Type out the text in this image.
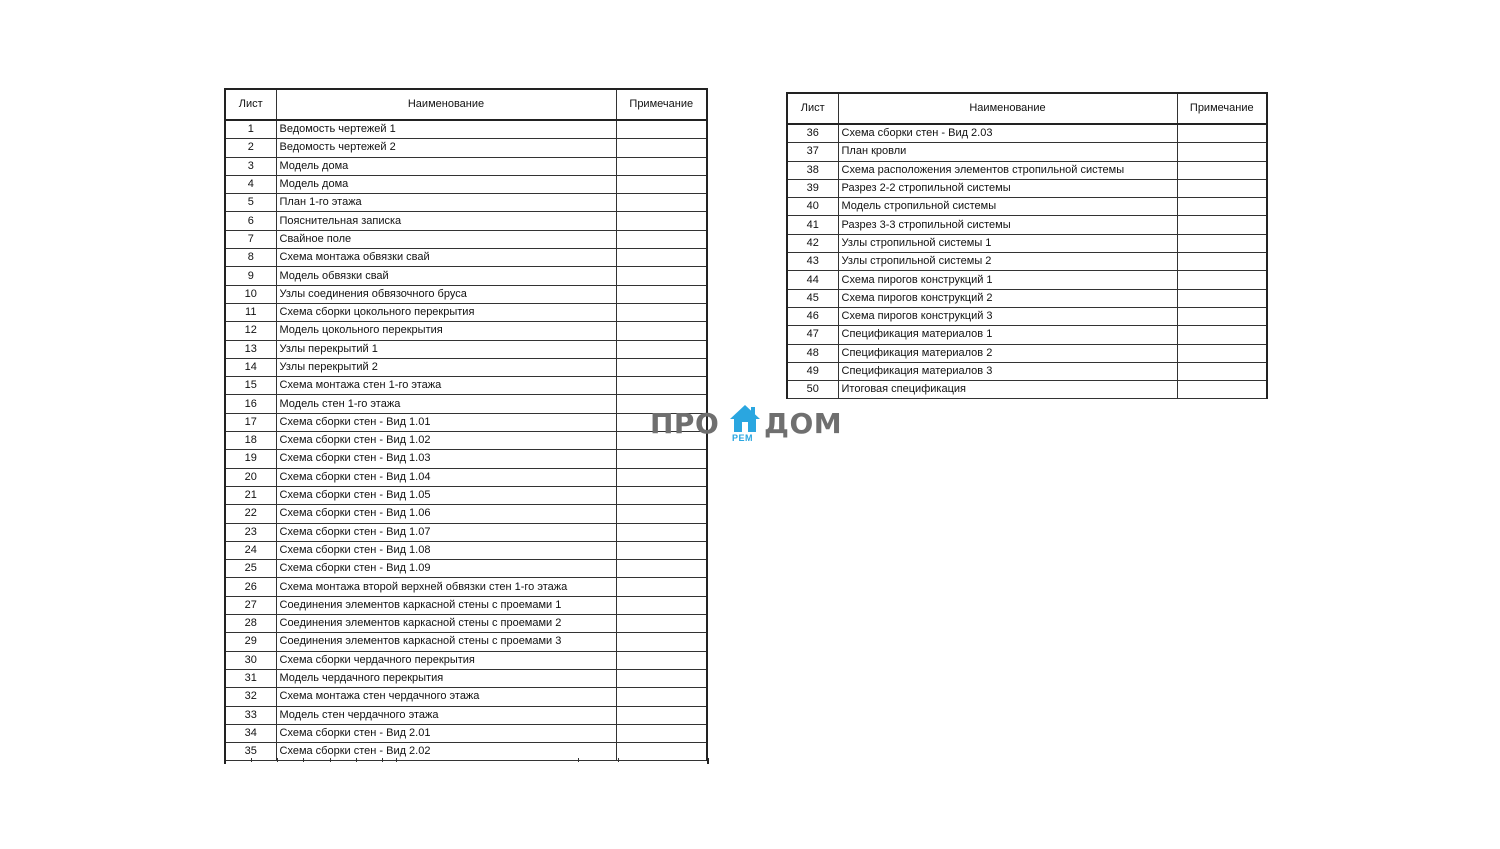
Лист	Наименование	Примечание
1	Ведомость чертежей 1	
2	Ведомость чертежей 2	
3	Модель дома	
4	Модель дома	
5	План 1-го этажа	
6	Пояснительная записка	
7	Свайное поле	
8	Схема монтажа обвязки свай	
9	Модель обвязки свай	
10	Узлы соединения обвязочного бруса	
11	Схема сборки цокольного перекрытия	
12	Модель цокольного перекрытия	
13	Узлы перекрытий 1	
14	Узлы перекрытий 2	
15	Схема монтажа стен 1-го этажа	
16	Модель стен 1-го этажа	
17	Схема сборки стен - Вид 1.01	
18	Схема сборки стен - Вид 1.02	
19	Схема сборки стен - Вид 1.03	
20	Схема сборки стен - Вид 1.04	
21	Схема сборки стен - Вид 1.05	
22	Схема сборки стен - Вид 1.06	
23	Схема сборки стен - Вид 1.07	
24	Схема сборки стен - Вид 1.08	
25	Схема сборки стен - Вид 1.09	
26	Схема монтажа второй верхней обвязки стен 1-го этажа	
27	Соединения элементов каркасной стены с проемами 1	
28	Соединения элементов каркасной стены с проемами 2	
29	Соединения элементов каркасной стены с проемами 3	
30	Схема сборки чердачного перекрытия	
31	Модель чердачного перекрытия	
32	Схема монтажа стен чердачного этажа	
33	Модель стен чердачного этажа	
34	Схема сборки стен - Вид 2.01	
35	Схема сборки стен - Вид 2.02	
Лист	Наименование	Примечание
36	Схема сборки стен - Вид 2.03	
37	План кровли	
38	Схема расположения элементов стропильной системы	
39	Разрез 2-2 стропильной системы	
40	Модель стропильной системы	
41	Разрез 3-3 стропильной системы	
42	Узлы стропильной системы 1	
43	Узлы стропильной системы 2	
44	Схема пирогов конструкций 1	
45	Схема пирогов конструкций 2	
46	Схема пирогов конструкций 3	
47	Спецификация материалов 1	
48	Спецификация материалов 2	
49	Спецификация материалов 3	
50	Итоговая спецификация	
ПРО РЕМ ДОМ
